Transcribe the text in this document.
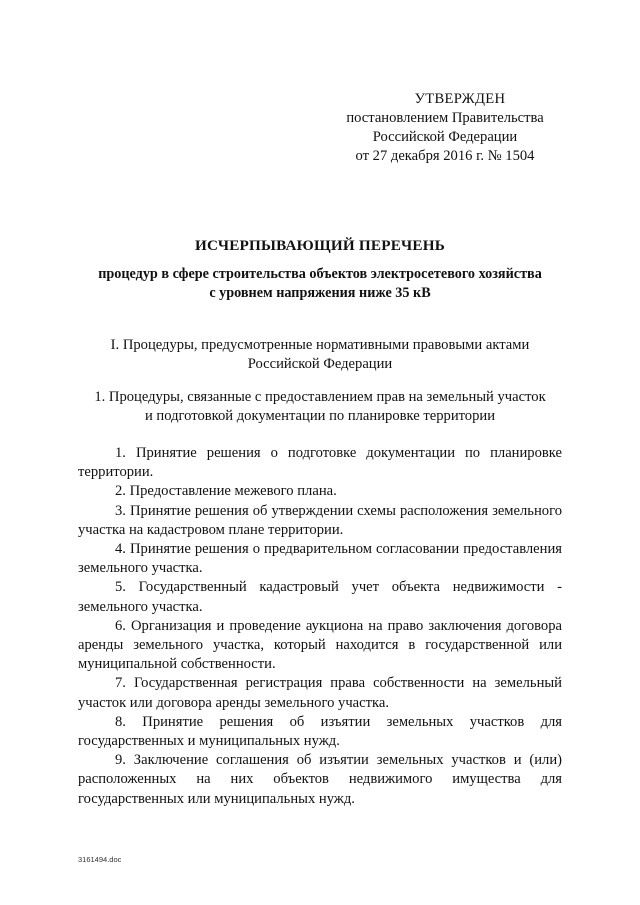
УТВЕРЖДЕН
постановлением Правительства
Российской Федерации
от 27 декабря 2016 г. № 1504
ИСЧЕРПЫВАЮЩИЙ ПЕРЕЧЕНЬ
процедур в сфере строительства объектов электросетевого хозяйства
с уровнем напряжения ниже 35 кВ
I. Процедуры, предусмотренные нормативными правовыми актами
Российской Федерации
1. Процедуры, связанные с предоставлением прав на земельный участок
и подготовкой документации по планировке территории

1. Принятие решения о подготовке документации по планировке территории.

2. Предоставление межевого плана.

3. Принятие решения об утверждении схемы расположения земельного участка на кадастровом плане территории.

4. Принятие решения о предварительном согласовании предоставления земельного участка.

5. Государственный кадастровый учет объекта недвижимости - земельного участка.

6. Организация и проведение аукциона на право заключения договора аренды земельного участка, который находится в государственной или муниципальной собственности.

7. Государственная регистрация права собственности на земельный участок или договора аренды земельного участка.

8. Принятие решения об изъятии земельных участков для государственных и муниципальных нужд.

9. Заключение соглашения об изъятии земельных участков и (или) расположенных на них объектов недвижимого имущества для государственных или муниципальных нужд.

3161494.doc
